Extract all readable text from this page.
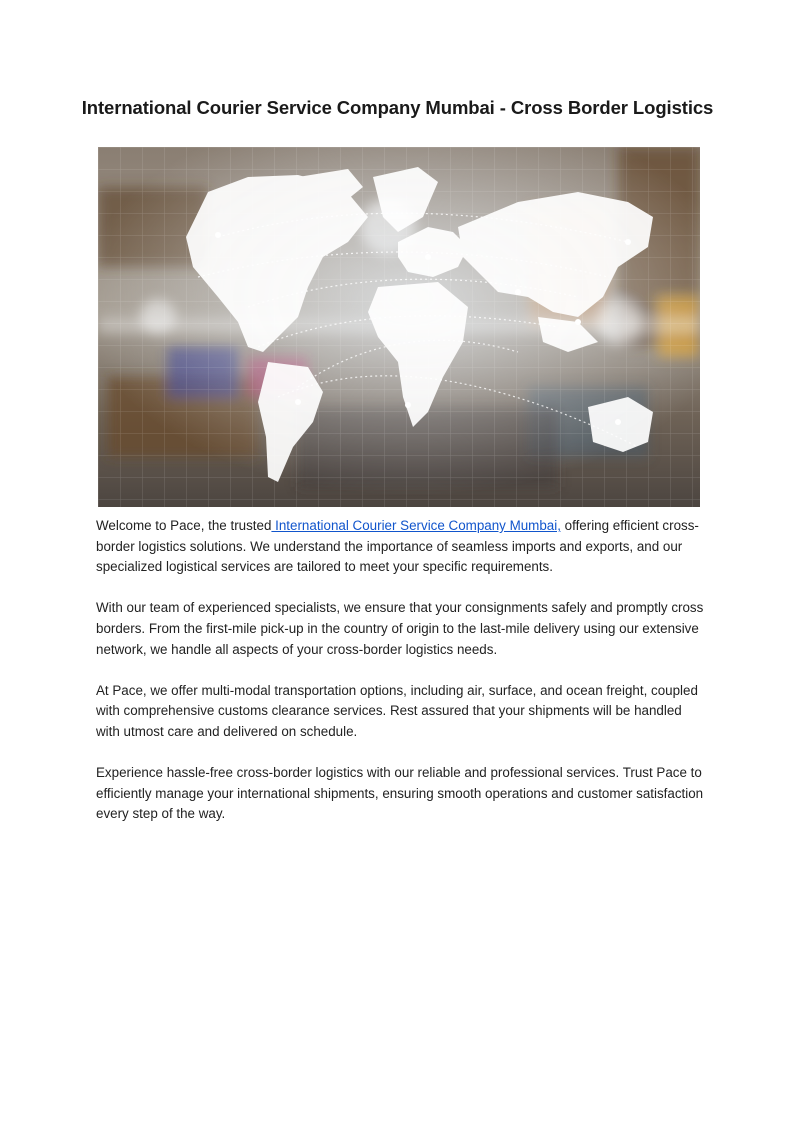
International Courier Service Company Mumbai - Cross Border Logistics

Welcome to Pace, the trusted International Courier Service Company Mumbai, offering efficient cross-border logistics solutions. We understand the importance of seamless imports and exports, and our specialized logistical services are tailored to meet your specific requirements.

With our team of experienced specialists, we ensure that your consignments safely and promptly cross borders. From the first-mile pick-up in the country of origin to the last-mile delivery using our extensive network, we handle all aspects of your cross-border logistics needs.

At Pace, we offer multi-modal transportation options, including air, surface, and ocean freight, coupled with comprehensive customs clearance services. Rest assured that your shipments will be handled with utmost care and delivered on schedule.

Experience hassle-free cross-border logistics with our reliable and professional services. Trust Pace to efficiently manage your international shipments, ensuring smooth operations and customer satisfaction every step of the way.
